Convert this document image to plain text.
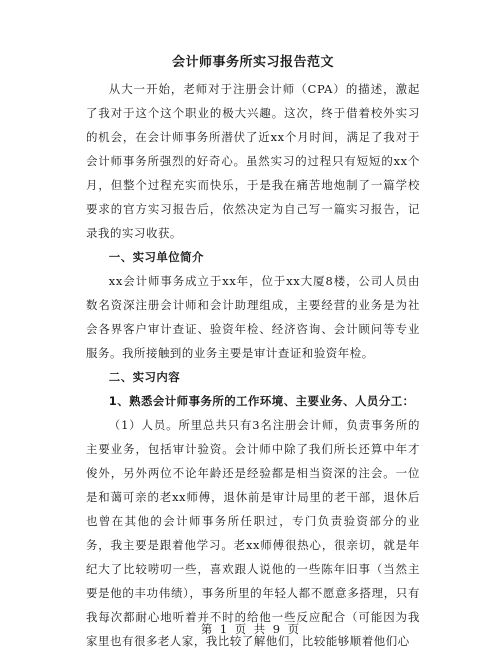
会计师事务所实习报告范文

从大一开始，老师对于注册会计师（CPA）的描述，激起了我对于这个这个职业的极大兴趣。这次，终于借着校外实习的机会，在会计师事务所潜伏了近xx个月时间，满足了我对于会计师事务所强烈的好奇心。虽然实习的过程只有短短的xx个月，但整个过程充实而快乐，于是我在痛苦地炮制了一篇学校要求的官方实习报告后，依然决定为自己写一篇实习报告，记录我的实习收获。

一、实习单位简介

xx会计师事务成立于xx年，位于xx大厦8楼，公司人员由数名资深注册会计师和会计助理组成，主要经营的业务是为社会各界客户审计查证、验资年检、经济咨询、会计顾问等专业服务。我所接触到的业务主要是审计查证和验资年检。

二、实习内容

1、熟悉会计师事务所的工作环境、主要业务、人员分工：

（1）人员。所里总共只有3名注册会计师，负责事务所的主要业务，包括审计验资。会计师中除了我们所长还算中年才俊外，另外两位不论年龄还是经验都是相当资深的注会。一位是和蔼可亲的老xx师傅，退休前是审计局里的老干部，退休后也曾在其他的会计师事务所任职过，专门负责验资部分的业务，我主要是跟着他学习。老xx师傅很热心，很亲切，就是年纪大了比较唠叨一些，喜欢跟人说他的一些陈年旧事（当然主要是他的丰功伟绩），事务所里的年轻人都不愿意多搭理，只有我每次都耐心地听着并不时的给他一些反应配合（可能因为我家里也有很多老人家，我比较了解他们，比较能够顺着他们心

第 1 页 共 9 页
